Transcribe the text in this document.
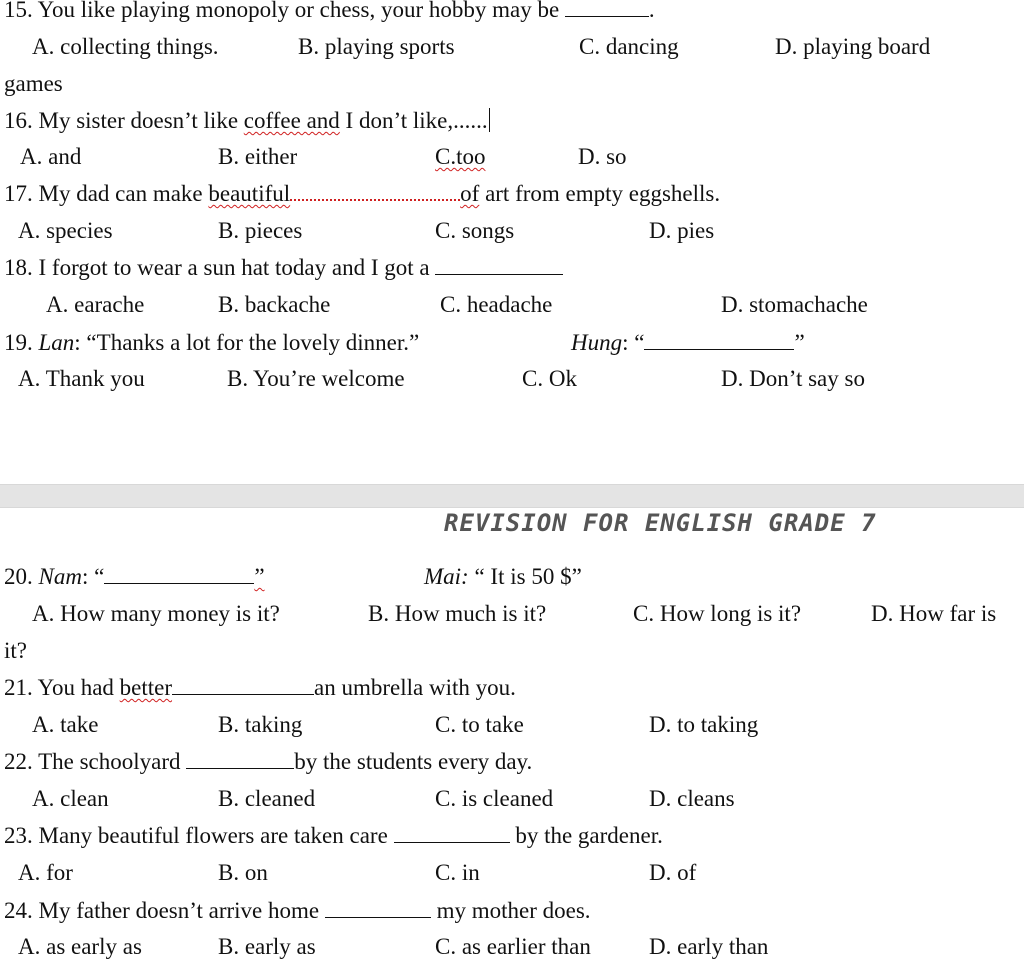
15. You like playing monopoly or chess, your hobby may be	.
A. collecting things.	B. playing sports	C. dancing	D. playing board
games
16. My sister doesn’t like coffee and I don’t like,......
A. and	B. either	C.too	D. so
17. My dad can make beautiful	of art from empty eggshells.
A. species	B. pieces	C. songs	D. pies
18. I forgot to wear a sun hat today and I got a
A. earache	B. backache	C. headache	D. stomachache
19. Lan: “Thanks a lot for the lovely dinner.”	Hung: “	”
A. Thank you	B. You’re welcome	C. Ok	D. Don’t say so
REVISION FOR ENGLISH GRADE 7
20. Nam: “	”	Mai: “ It is 50 $”
A. How many money is it?	B. How much is it?	C. How long is it?	D. How far is
it?
21. You had better	an umbrella with you.
A. take	B. taking	C. to take	D. to taking
22. The schoolyard	by the students every day.
A. clean	B. cleaned	C. is cleaned	D. cleans
23. Many beautiful flowers are taken care	by the gardener.
A. for	B. on	C. in	D. of
24. My father doesn’t arrive home	my mother does.
A. as early as	B. early as	C. as earlier than	D. early than
